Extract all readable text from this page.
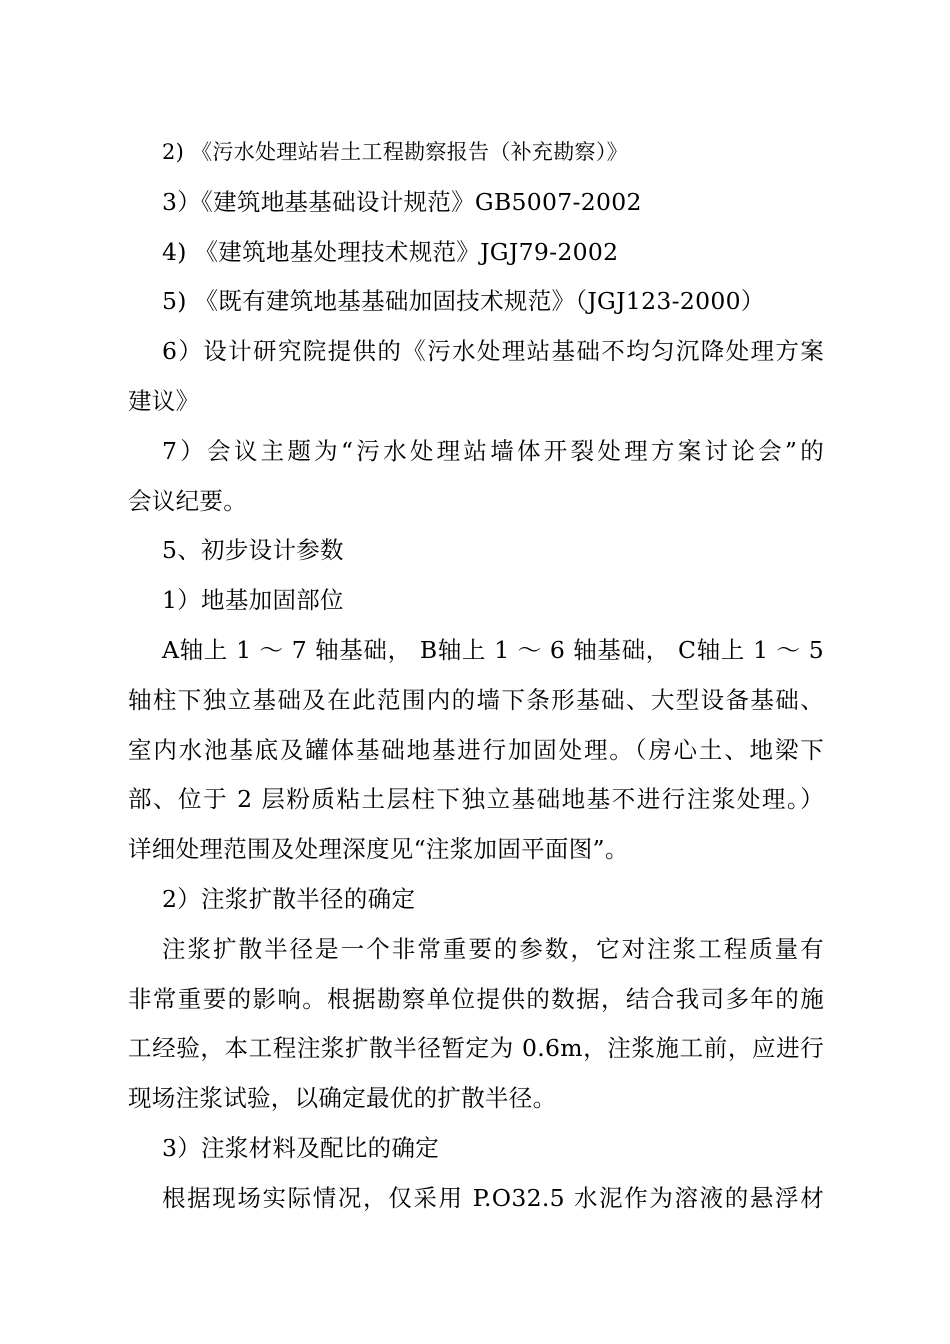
2) 《污水处理站岩土工程勘察报告（补充勘察）》
3）《建筑地基基础设计规范》GB5007-2002
4) 《建筑地基处理技术规范》JGJ79-2002
5) 《既有建筑地基基础加固技术规范》（JGJ123-2000）
6）设计研究院提供的《污水处理站基础不均匀沉降处理方案
建议》
7）会议主题为“污水处理站墙体开裂处理方案讨论会”的
会议纪要。
5、初步设计参数
1）地基加固部位
A轴上 1 ～ 7 轴基础， B轴上 1 ～ 6 轴基础， C轴上 1 ～ 5
轴柱下独立基础及在此范围内的墙下条形基础、大型设备基础、
室内水池基底及罐体基础地基进行加固处理。（房心土、地梁下
部、位于 2 层粉质粘土层柱下独立基础地基不进行注浆处理。）
详细处理范围及处理深度见“注浆加固平面图”。
2）注浆扩散半径的确定
注浆扩散半径是一个非常重要的参数，它对注浆工程质量有
非常重要的影响。根据勘察单位提供的数据，结合我司多年的施
工经验，本工程注浆扩散半径暂定为 0.6m，注浆施工前，应进行
现场注浆试验，以确定最优的扩散半径。
3）注浆材料及配比的确定
根据现场实际情况，仅采用 P.O32.5 水泥作为溶液的悬浮材
